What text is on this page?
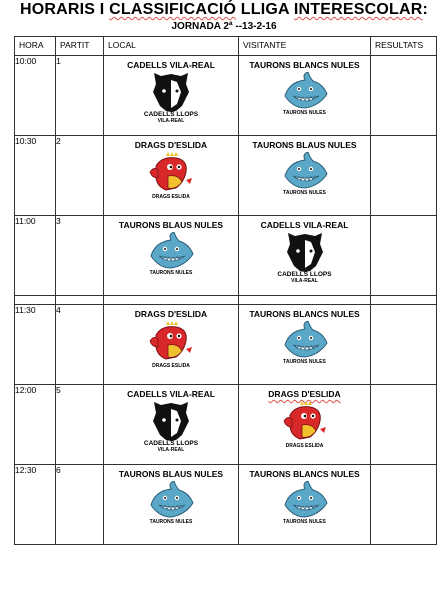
HORARIS I CLASSIFICACIÓ LLIGA INTERESCOLAR:
JORNADA 2ª --13-2-16
HORA	PARTIT	LOCAL	VISITANTE	RESULTATS
10:00	1	CADELLS VILA-REAL
CADELLS LLOPS
VILA-REAL	TAURONS BLANCS NULES
TAURONS NULES	

10:30	2	DRAGS D'ESLIDA
DRAGS ESLIDA	TAURONS BLAUS NULES
TAURONS NULES	

11:00	3	TAURONS BLAUS NULES
TAURONS NULES	CADELLS VILA-REAL
CADELLS LLOPS
VILA-REAL	

11:30	4	DRAGS D'ESLIDA
DRAGS ESLIDA	TAURONS BLANCS NULES
TAURONS NULES	

12:00	5	CADELLS VILA-REAL
CADELLS LLOPS
VILA-REAL	DRAGS D'ESLIDA
DRAGS ESLIDA	

12:30	6	TAURONS BLAUS NULES
TAURONS NULES	TAURONS BLANCS NULES
TAURONS NULES	
